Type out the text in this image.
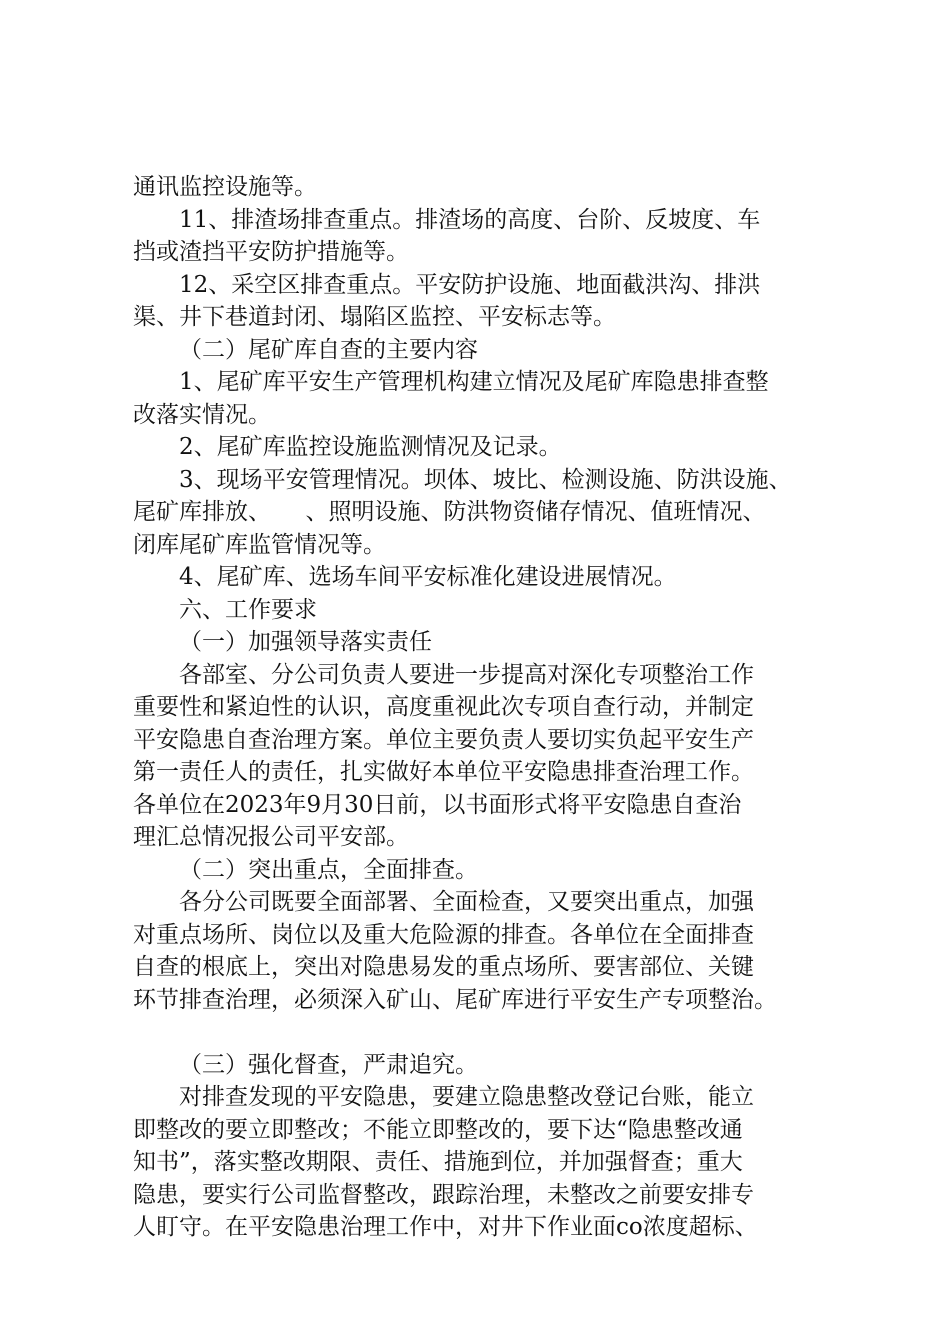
通讯监控设施等。
11、排渣场排查重点。排渣场的高度、台阶、反坡度、车
挡或渣挡平安防护措施等。
12、采空区排查重点。平安防护设施、地面截洪沟、排洪
渠、井下巷道封闭、塌陷区监控、平安标志等。
（二）尾矿库自查的主要内容
1、尾矿库平安生产管理机构建立情况及尾矿库隐患排查整
改落实情况。
2、尾矿库监控设施监测情况及记录。
3、现场平安管理情况。坝体、坡比、检测设施、防洪设施、
尾矿库排放、　　、照明设施、防洪物资储存情况、值班情况、
闭库尾矿库监管情况等。
4、尾矿库、选场车间平安标准化建设进展情况。
六、工作要求
（一）加强领导落实责任
各部室、分公司负责人要进一步提高对深化专项整治工作
重要性和紧迫性的认识，高度重视此次专项自查行动，并制定
平安隐患自查治理方案。单位主要负责人要切实负起平安生产
第一责任人的责任，扎实做好本单位平安隐患排查治理工作。
各单位在2023年9月30日前，以书面形式将平安隐患自查治
理汇总情况报公司平安部。
（二）突出重点，全面排查。
各分公司既要全面部署、全面检查，又要突出重点，加强
对重点场所、岗位以及重大危险源的排查。各单位在全面排查
自查的根底上，突出对隐患易发的重点场所、要害部位、关键
环节排查治理，必须深入矿山、尾矿库进行平安生产专项整治。
（三）强化督查，严肃追究。
对排查发现的平安隐患，要建立隐患整改登记台账，能立
即整改的要立即整改；不能立即整改的，要下达“隐患整改通
知书”，落实整改期限、责任、措施到位，并加强督查；重大
隐患，要实行公司监督整改，跟踪治理，未整改之前要安排专
人盯守。在平安隐患治理工作中，对井下作业面co浓度超标、
